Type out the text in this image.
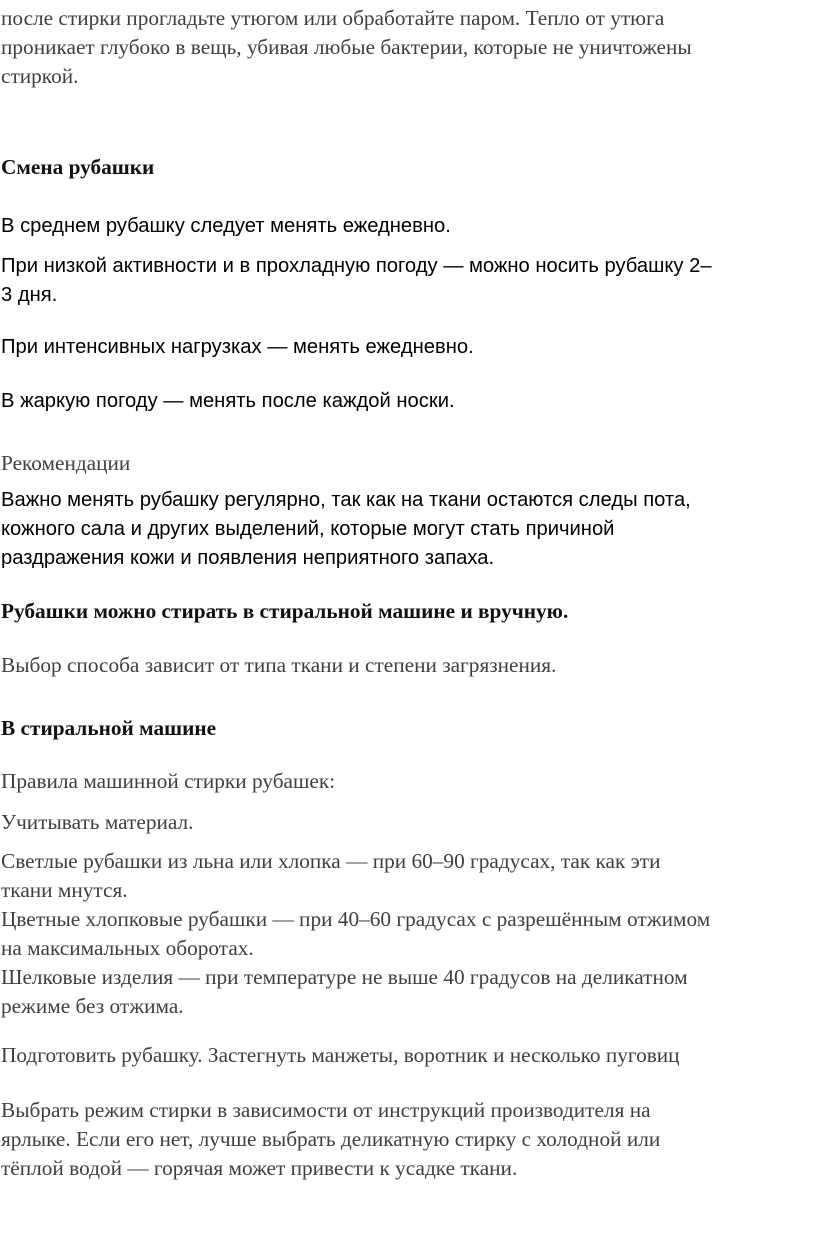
после стирки прогладьте утюгом или обработайте паром. Тепло от утюга
проникает глубоко в вещь, убивая любые бактерии, которые не уничтожены
стиркой.

Смена рубашки

В среднем рубашку следует менять ежедневно.

При низкой активности и в прохладную погоду — можно носить рубашку 2–
3 дня.

При интенсивных нагрузках — менять ежедневно.

В жаркую погоду — менять после каждой носки.

Рекомендации

Важно менять рубашку регулярно, так как на ткани остаются следы пота,
кожного сала и других выделений, которые могут стать причиной
раздражения кожи и появления неприятного запаха.

Рубашки можно стирать в стиральной машине и вручную.

Выбор способа зависит от типа ткани и степени загрязнения.

В стиральной машине

Правила машинной стирки рубашек:

Учитывать материал.

Светлые рубашки из льна или хлопка — при 60–90 градусах, так как эти
ткани мнутся.
Цветные хлопковые рубашки — при 40–60 градусах с разрешённым отжимом
на максимальных оборотах.
Шелковые изделия — при температуре не выше 40 градусов на деликатном
режиме без отжима.

Подготовить рубашку. Застегнуть манжеты, воротник и несколько пуговиц

Выбрать режим стирки в зависимости от инструкций производителя на
ярлыке. Если его нет, лучше выбрать деликатную стирку с холодной или
тёплой водой — горячая может привести к усадке ткани.
